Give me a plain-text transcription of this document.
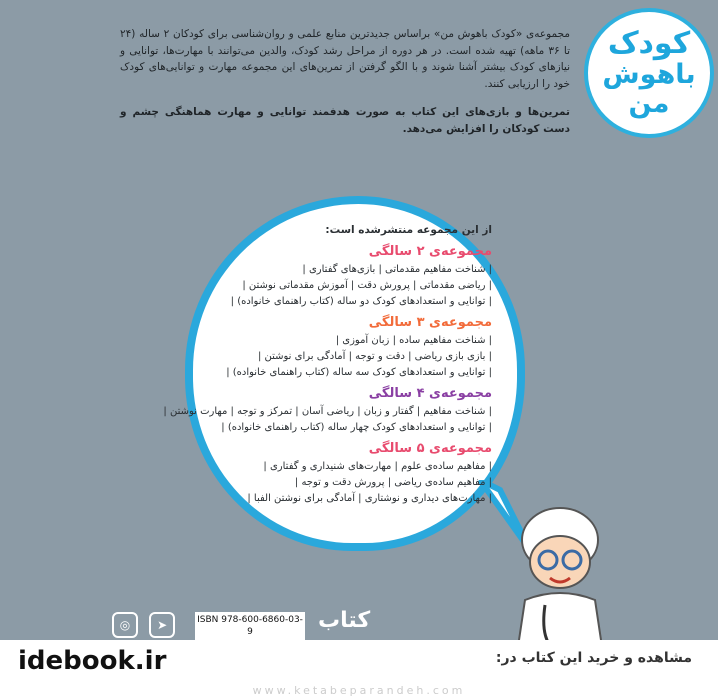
مجموعه‌ی «کودک باهوش من» براساس جدیدترین منابع علمی و روان‌شناسی برای کودکان ۲ ساله (۲۴ تا ۳۶ ماهه) تهیه شده است. در هر دوره از مراحل رشد کودک، والدین می‌توانند با مهارت‌ها، توانایی و نیازهای کودک بیشتر آشنا شوند و با الگو گرفتن از تمرین‌های این مجموعه مهارت و توانایی‌های کودک خود را ارزیابی کنند.

تمرین‌ها و بازی‌های این کتاب به صورت هدفمند توانایی و مهارت هماهنگی چشم و دست کودکان را افزایش می‌دهد.

کودک
باهوش
من
از این مجموعه منتشرشده است:
مجموعه‌ی ۲ سالگی
| شناخت مفاهیم مقدماتی | بازی‌های گفتاری |
| ریاضی مقدماتی | پرورش دقت | آموزش مقدماتی نوشتن |
| توانایی و استعدادهای کودک دو ساله (کتاب راهنمای خانواده) |
مجموعه‌ی ۳ سالگی
| شناخت مفاهیم ساده | زبان آموزی |
| بازی بازی ریاضی | دقت و توجه | آمادگی برای نوشتن |
| توانایی و استعدادهای کودک سه ساله (کتاب راهنمای خانواده) |
مجموعه‌ی ۴ سالگی
| شناخت مفاهیم | گفتار و زبان | ریاضی آسان | تمرکز و توجه | مهارت نوشتن |
| توانایی و استعدادهای کودک چهار ساله (کتاب راهنمای خانواده) |
مجموعه‌ی ۵ سالگی
| مفاهیم ساده‌ی علوم | مهارت‌های شنیداری و گفتاری |
| مفاهیم ساده‌ی ریاضی | پرورش دقت و توجه |
| مهارت‌های دیداری و نوشتاری | آمادگی برای نوشتن الفبا |
◎ ➤	ISBN 978-600-6860-03-9	کتاب
idebook.ir	مشاهده و خرید این کتاب در:
www.ketabeparandeh.com
